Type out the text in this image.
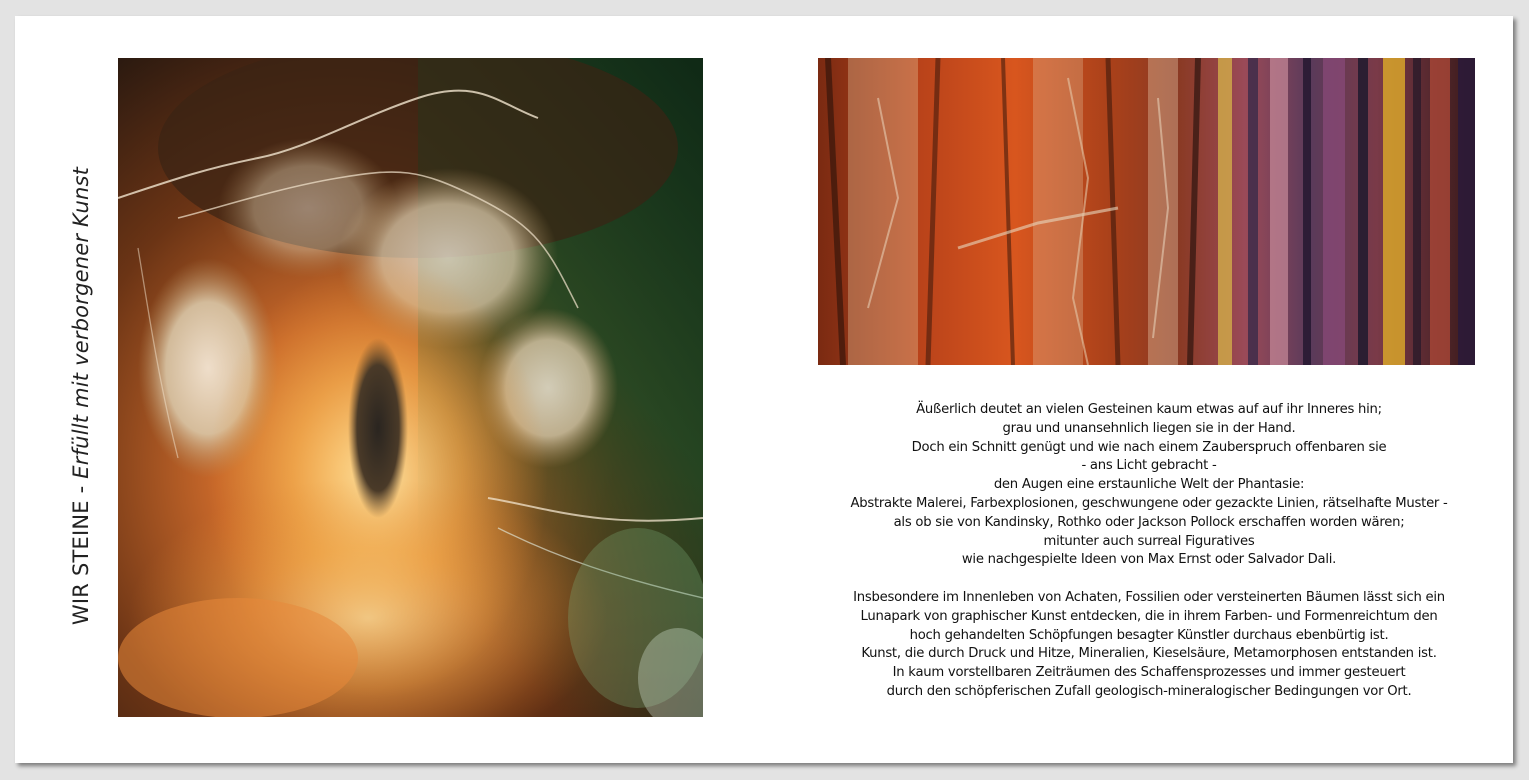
WIR STEINE - Erfüllt mit verborgener Kunst	Äußerlich deutet an vielen Gesteinen kaum etwas auf auf ihr Inneres hin;
grau und unansehnlich liegen sie in der Hand.
Doch ein Schnitt genügt und wie nach einem Zauberspruch offenbaren sie
- ans Licht gebracht -
den Augen eine erstaunliche Welt der Phantasie:
Abstrakte Malerei, Farbexplosionen, geschwungene oder gezackte Linien, rätselhafte Muster -
als ob sie von Kandinsky, Rothko oder Jackson Pollock erschaffen worden wären;
mitunter auch surreal Figuratives
wie nachgespielte Ideen von Max Ernst oder Salvador Dali.
Insbesondere im Innenleben von Achaten, Fossilien oder versteinerten Bäumen lässt sich ein
Lunapark von graphischer Kunst entdecken, die in ihrem Farben- und Formenreichtum den
hoch gehandelten Schöpfungen besagter Künstler durchaus ebenbürtig ist.
Kunst, die durch Druck und Hitze, Mineralien, Kieselsäure, Metamorphosen entstanden ist.
In kaum vorstellbaren Zeiträumen des Schaffensprozesses und immer gesteuert
durch den schöpferischen Zufall geologisch-mineralogischer Bedingungen vor Ort.
